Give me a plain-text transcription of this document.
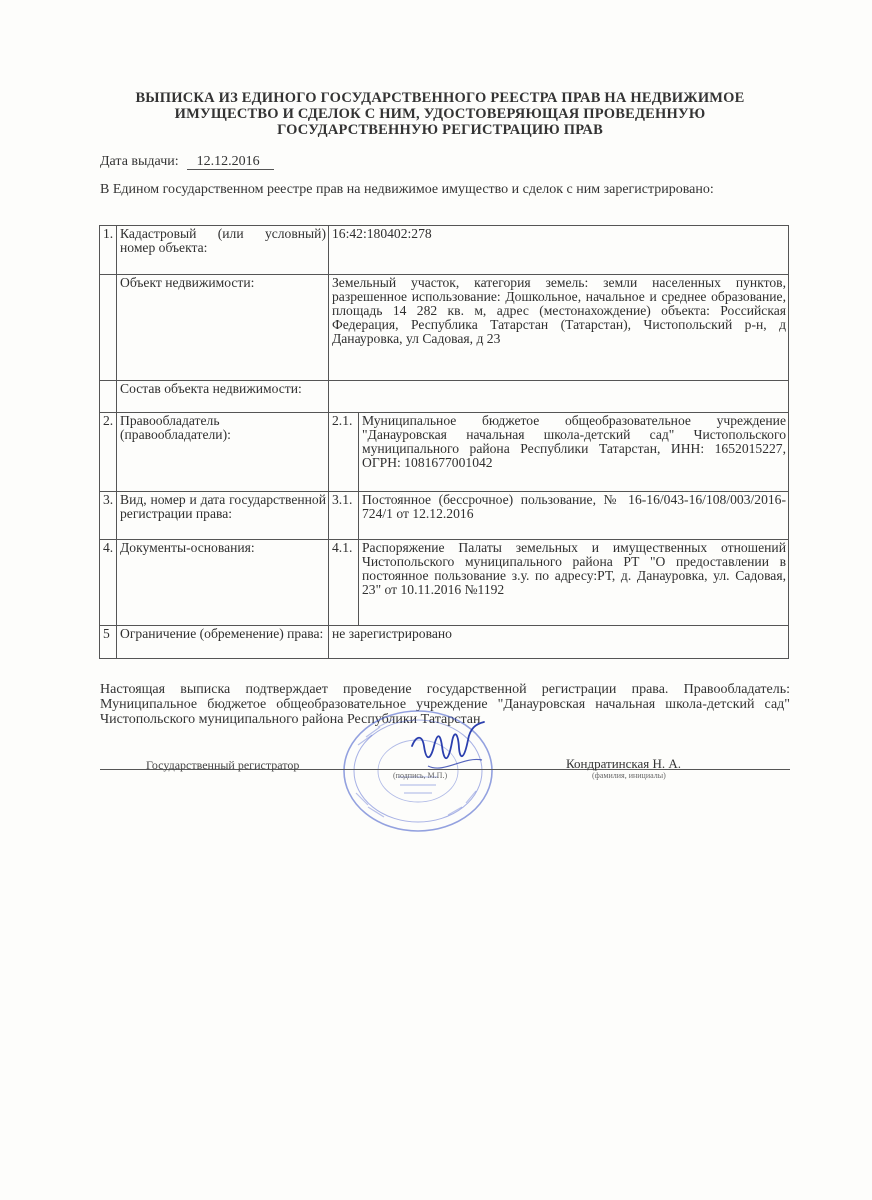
ВЫПИСКА ИЗ ЕДИНОГО ГОСУДАРСТВЕННОГО РЕЕСТРА ПРАВ НА НЕДВИЖИМОЕ ИМУЩЕСТВО И СДЕЛОК С НИМ, УДОСТОВЕРЯЮЩАЯ ПРОВЕДЕННУЮ ГОСУДАРСТВЕННУЮ РЕГИСТРАЦИЮ ПРАВ
Дата выдачи: 12.12.2016
В Едином государственном реестре прав на недвижимое имущество и сделок с ним зарегистрировано:
1.	Кадастровый (или условный) номер объекта:	16:42:180402:278	
	Объект недвижимости:	Земельный участок, категория земель: земли населенных пунктов, разрешенное использование: Дошкольное, начальное и среднее образование, площадь 14 282 кв. м, адрес (местонахождение) объекта: Российская Федерация, Республика Татарстан (Татарстан), Чистопольский р-н, д Данауровка, ул Садовая, д 23	
	Состав объекта недвижимости:		
2.	Правообладатель (правообладатели):	2.1.	Муниципальное бюджетое общеобразовательное учреждение "Данауровская начальная школа-детский сад" Чистопольского муниципального района Республики Татарстан, ИНН: 1652015227, ОГРН: 1081677001042
3.	Вид, номер и дата государственной регистрации права:	3.1.	Постоянное (бессрочное) пользование, № 16-16/043-16/108/003/2016-724/1 от 12.12.2016
4.	Документы-основания:	4.1.	Распоряжение Палаты земельных и имущественных отношений Чистопольского муниципального района РТ "О предоставлении в постоянное пользование з.у. по адресу:РТ, д. Данауровка, ул. Садовая, 23" от 10.11.2016 №1192
5	Ограничение (обременение) права:	не зарегистрировано	
Настоящая выписка подтверждает проведение государственной регистрации права. Правообладатель: Муниципальное бюджетое общеобразовательное учреждение "Данауровская начальная школа-детский сад" Чистопольского муниципального района Республики Татарстан
Государственный регистратор	Кондратинская Н. А.
(подпись, М.П.)	(фамилия, инициалы)
